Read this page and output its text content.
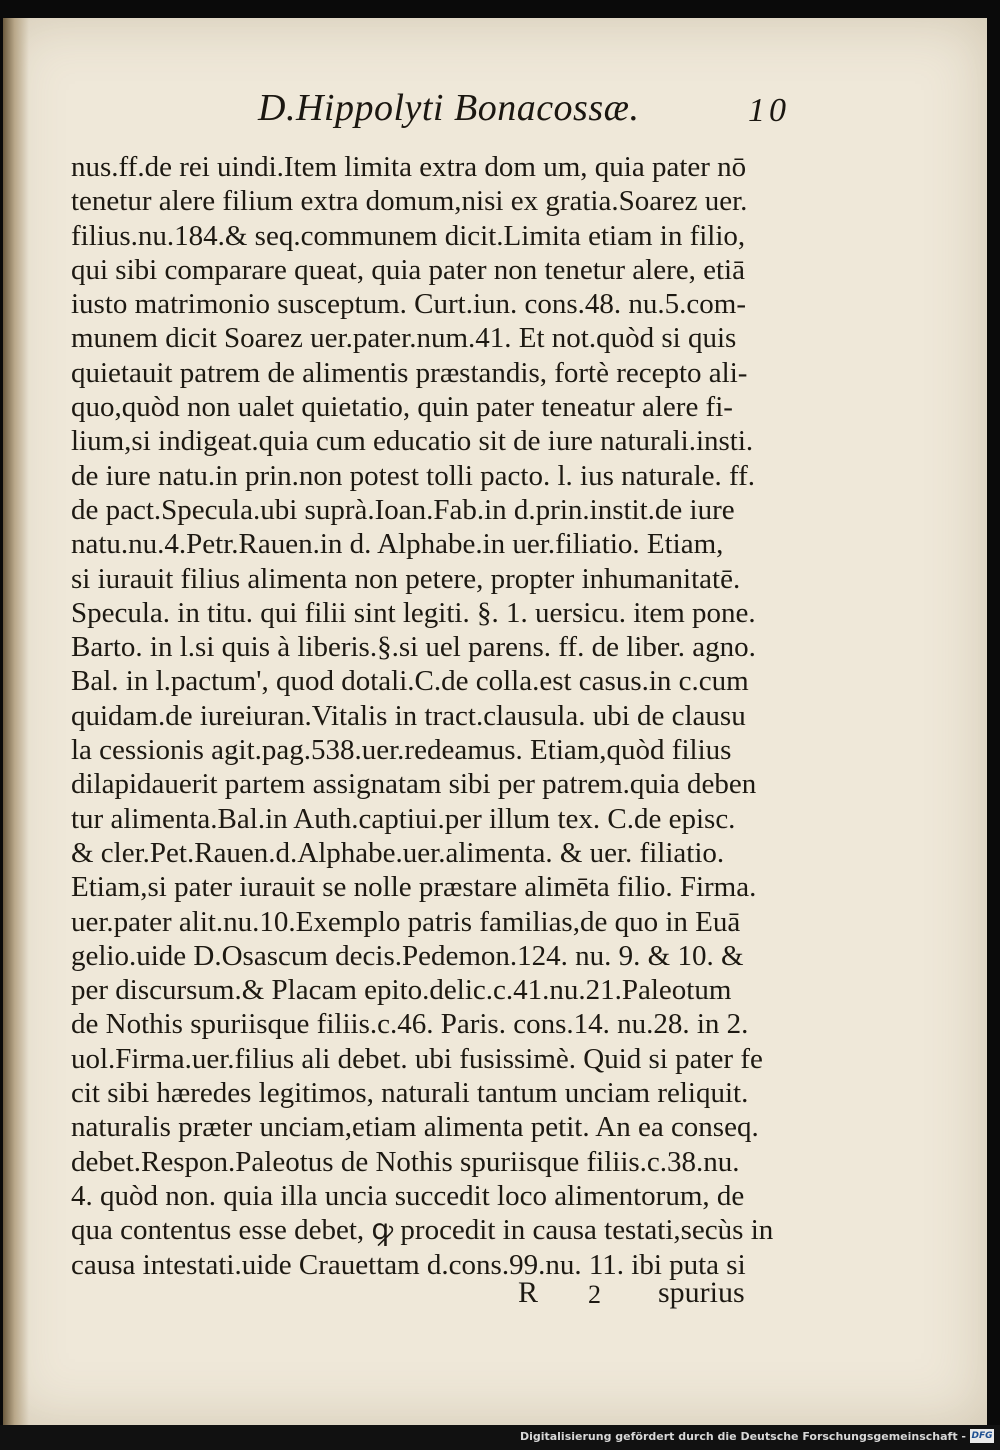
D.Hippolyti Bonacossæ.	10
nus.ff.de rei uindi.Item limita extra dom um, quia pater nō
tenetur alere filium extra domum,nisi ex gratia.Soarez uer.
filius.nu.184.& seq.communem dicit.Limita etiam in filio,
qui sibi comparare queat, quia pater non tenetur alere, etiā
iusto matrimonio susceptum. Curt.iun. cons.48. nu.5.com-
munem dicit Soarez uer.pater.num.41. Et not.quòd si quis
quietauit patrem de alimentis præstandis, fortè recepto ali-
quo,quòd non ualet quietatio, quin pater teneatur alere fi-
lium,si indigeat.quia cum educatio sit de iure naturali.insti.
de iure natu.in prin.non potest tolli pacto. l. ius naturale. ff.
de pact.Specula.ubi suprà.Ioan.Fab.in d.prin.instit.de iure
natu.nu.4.Petr.Rauen.in d. Alphabe.in uer.filiatio. Etiam,
si iurauit filius alimenta non petere, propter inhumanitatē.
Specula. in titu. qui filii sint legiti. §. 1. uersicu. item pone.
Barto. in l.si quis à liberis.§.si uel parens. ff. de liber. agno.
Bal. in l.pactum', quod dotali.C.de colla.est casus.in c.cum
quidam.de iureiuran.Vitalis in tract.clausula. ubi de clausu
la cessionis agit.pag.538.uer.redeamus. Etiam,quòd filius
dilapidauerit partem assignatam sibi per patrem.quia deben
tur alimenta.Bal.in Auth.captiui.per illum tex. C.de episc.
& cler.Pet.Rauen.d.Alphabe.uer.alimenta. & uer. filiatio.
Etiam,si pater iurauit se nolle præstare alimēta filio. Firma.
uer.pater alit.nu.10.Exemplo patris familias,de quo in Euā
gelio.uide D.Osascum decis.Pedemon.124. nu. 9. & 10. &
per discursum.& Placam epito.delic.c.41.nu.21.Paleotum
de Nothis spuriisque filiis.c.46. Paris. cons.14. nu.28. in 2.
uol.Firma.uer.filius ali debet. ubi fusissimè. Quid si pater fe
cit sibi hæredes legitimos, naturali tantum unciam reliquit.
naturalis præter unciam,etiam alimenta petit. An ea conseq.
debet.Respon.Paleotus de Nothis spuriisque filiis.c.38.nu.
4. quòd non. quia illa uncia succedit loco alimentorum, de
qua contentus esse debet, ꝙ procedit in causa testati,secùs in
causa intestati.uide Crauettam d.cons.99.nu. 11. ibi puta si
R 2 spurius
Digitalisierung gefördert durch die Deutsche Forschungsgemeinschaft - DFG
